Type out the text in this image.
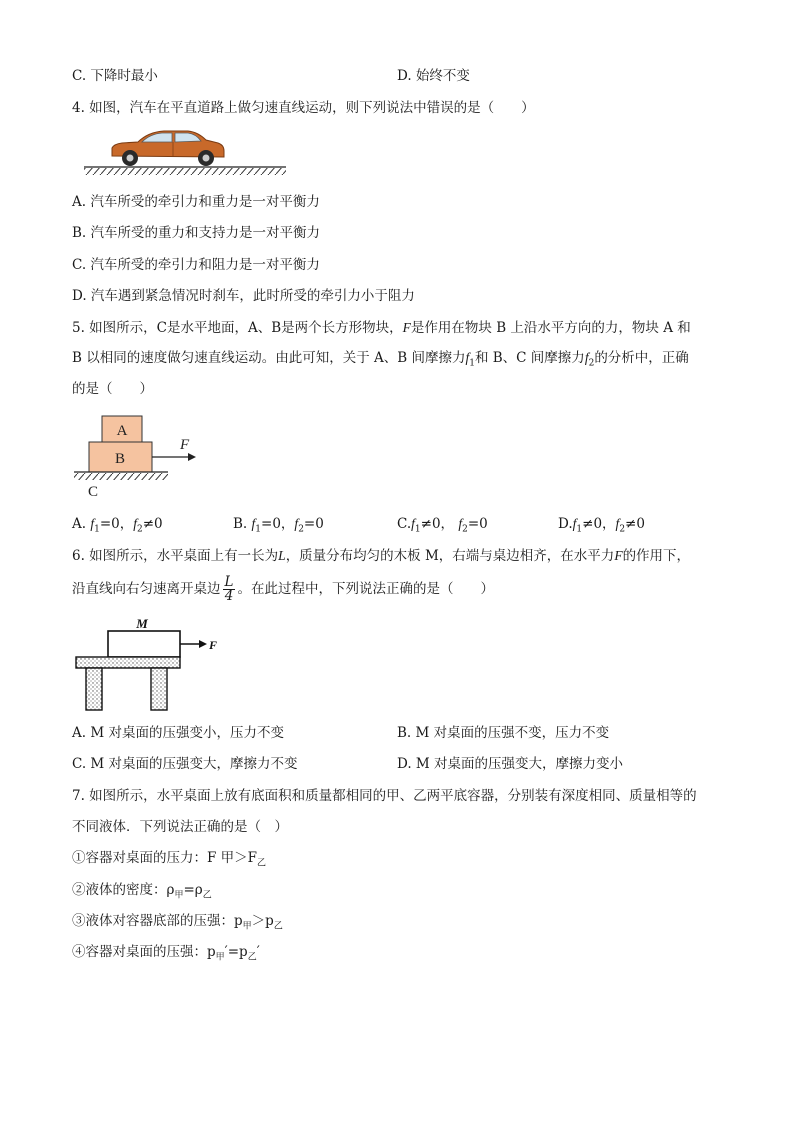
C. 下降时最小	D. 始终不变
4. 如图，汽车在平直道路上做匀速直线运动，则下列说法中错误的是（　　）
A. 汽车所受的牵引力和重力是一对平衡力
B. 汽车所受的重力和支持力是一对平衡力
C. 汽车所受的牵引力和阻力是一对平衡力
D. 汽车遇到紧急情况时刹车，此时所受的牵引力小于阻力
5. 如图所示，C是水平地面，A、B是两个长方形物块，F是作用在物块 B 上沿水平方向的力，物块 A 和
B 以相同的速度做匀速直线运动。由此可知，关于 A、B 间摩擦力$f_1$和 B、C 间摩擦力$f_2$的分析中，正确
的是（　　）
A
B
F
C
A. $f_1=0$，$f_2\ne 0$	B. $f_1=0$，$f_2=0$	$C.f_1\ne 0$， $f_2=0$	$D.f_1\ne 0$，$f_2\ne 0$
6. 如图所示，水平桌面上有一长为L，质量分布均匀的木板 M，右端与桌边相齐，在水平力F的作用下，
沿直线向右匀速离开桌边 $\frac{L}{4}$ 。在此过程中，下列说法正确的是（　　）
M
F
A. M 对桌面的压强变小，压力不变	B. M 对桌面的压强不变，压力不变
C. M 对桌面的压强变大，摩擦力不变	D. M 对桌面的压强变大，摩擦力变小
7. 如图所示，水平桌面上放有底面积和质量都相同的甲、乙两平底容器，分别装有深度相同、质量相等的
不同液体．下列说法正确的是（　）
①容器对桌面的压力：F 甲$>F_乙$
②液体的密度：$\rho_甲=\rho_乙$
③液体对容器底部的压强：$p_甲>p_乙$
④容器对桌面的压强：$p_甲'=p_乙'$
